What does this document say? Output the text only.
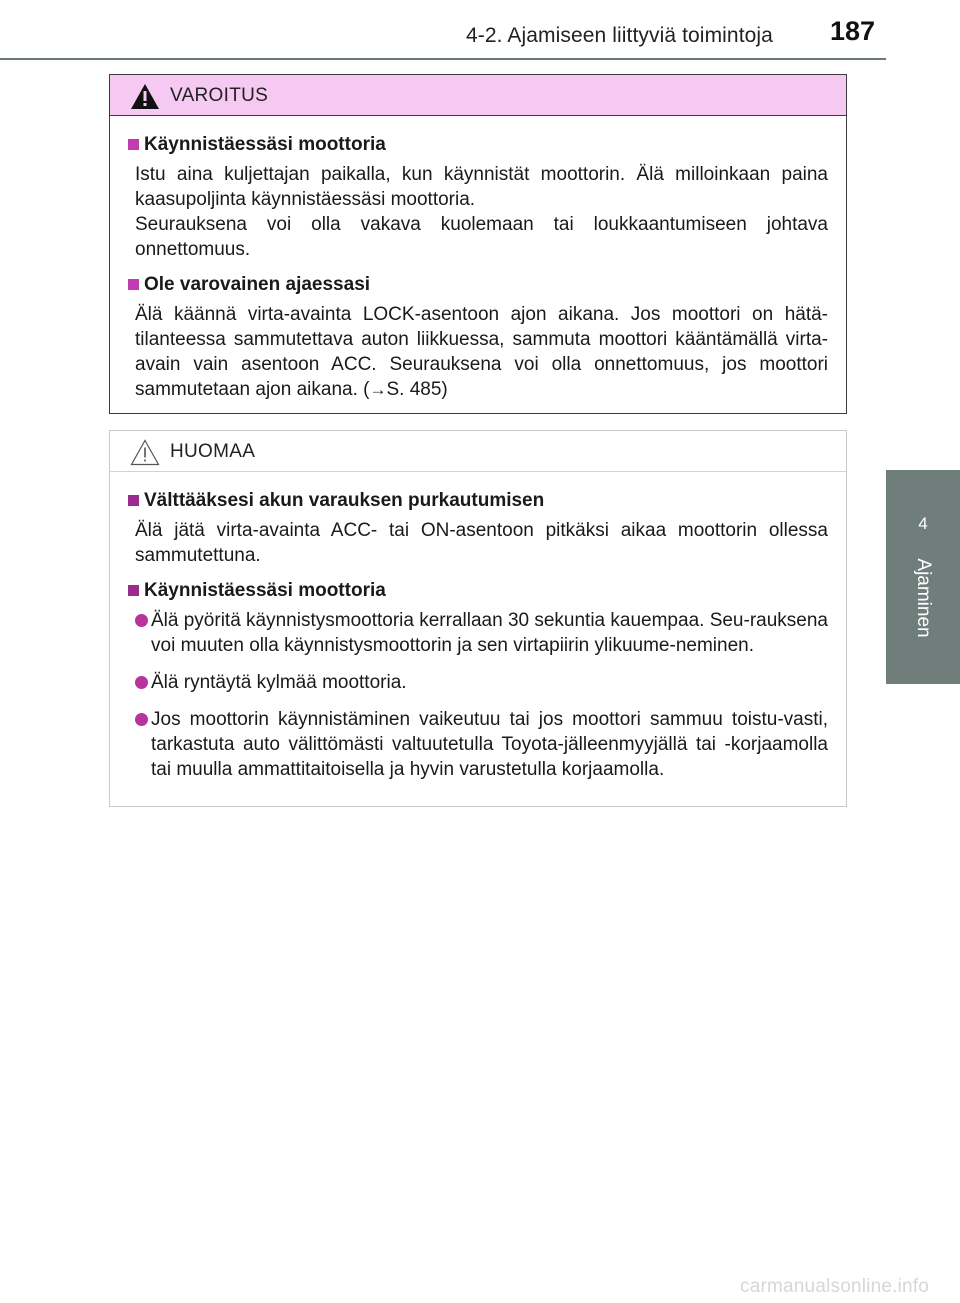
4-2. Ajamiseen liittyviä toimintoja 187
4
Ajaminen
VAROITUS
Käynnistäessäsi moottoria
Istu aina kuljettajan paikalla, kun käynnistät moottorin. Älä milloinkaan paina kaasupoljinta käynnistäessäsi moottoria.
Seurauksena voi olla vakava kuolemaan tai loukkaantumiseen johtava onnettomuus.
Ole varovainen ajaessasi
Älä käännä virta-avainta LOCK-asentoon ajon aikana. Jos moottori on hätä-tilanteessa sammutettava auton liikkuessa, sammuta moottori kääntämällä virta-avain vain asentoon ACC. Seurauksena voi olla onnettomuus, jos moottori sammutetaan ajon aikana. (→S. 485)
HUOMAA
Välttääksesi akun varauksen purkautumisen
Älä jätä virta-avainta ACC- tai ON-asentoon pitkäksi aikaa moottorin ollessa sammutettuna.
Käynnistäessäsi moottoria
Älä pyöritä käynnistysmoottoria kerrallaan 30 sekuntia kauempaa. Seu-rauksena voi muuten olla käynnistysmoottorin ja sen virtapiirin ylikuume-neminen.
Älä ryntäytä kylmää moottoria.
Jos moottorin käynnistäminen vaikeutuu tai jos moottori sammuu toistu-vasti, tarkastuta auto välittömästi valtuutetulla Toyota-jälleenmyyjällä tai -korjaamolla tai muulla ammattitaitoisella ja hyvin varustetulla korjaamolla.
carmanualsonline.info
